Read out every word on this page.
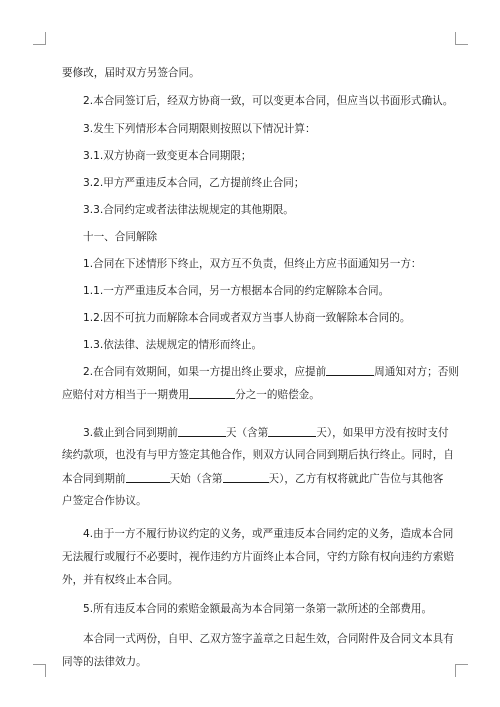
要修改，届时双方另签合同。
2.本合同签订后，经双方协商一致，可以变更本合同，但应当以书面形式确认。
3.发生下列情形本合同期限则按照以下情况计算：
3.1.双方协商一致变更本合同期限；
3.2.甲方严重违反本合同，乙方提前终止合同；
3.3.合同约定或者法律法规规定的其他期限。
十一、合同解除
1.合同在下述情形下终止，双方互不负责，但终止方应书面通知另一方：
1.1.一方严重违反本合同，另一方根据本合同的约定解除本合同。
1.2.因不可抗力而解除本合同或者双方当事人协商一致解除本合同的。
1.3.依法律、法规规定的情形而终止。
2.在合同有效期间，如果一方提出终止要求，应提前	周通知对方；否则
应赔付对方相当于一期费用	分之一的赔偿金。
3.截止到合同到期前	天（含第	天），如果甲方没有按时支付
续约款项，也没有与甲方签定其他合作，则双方认同合同到期后执行终止。同时，自
本合同到期前	天始（含第	天），乙方有权将就此广告位与其他客
户签定合作协议。
4.由于一方不履行协议约定的义务，或严重违反本合同约定的义务，造成本合同
无法履行或履行不必要时，视作违约方片面终止本合同，守约方除有权向违约方索赔
外，并有权终止本合同。
5.所有违反本合同的索赔金额最高为本合同第一条第一款所述的全部费用。
本合同一式两份，自甲、乙双方签字盖章之日起生效，合同附件及合同文本具有
同等的法律效力。
